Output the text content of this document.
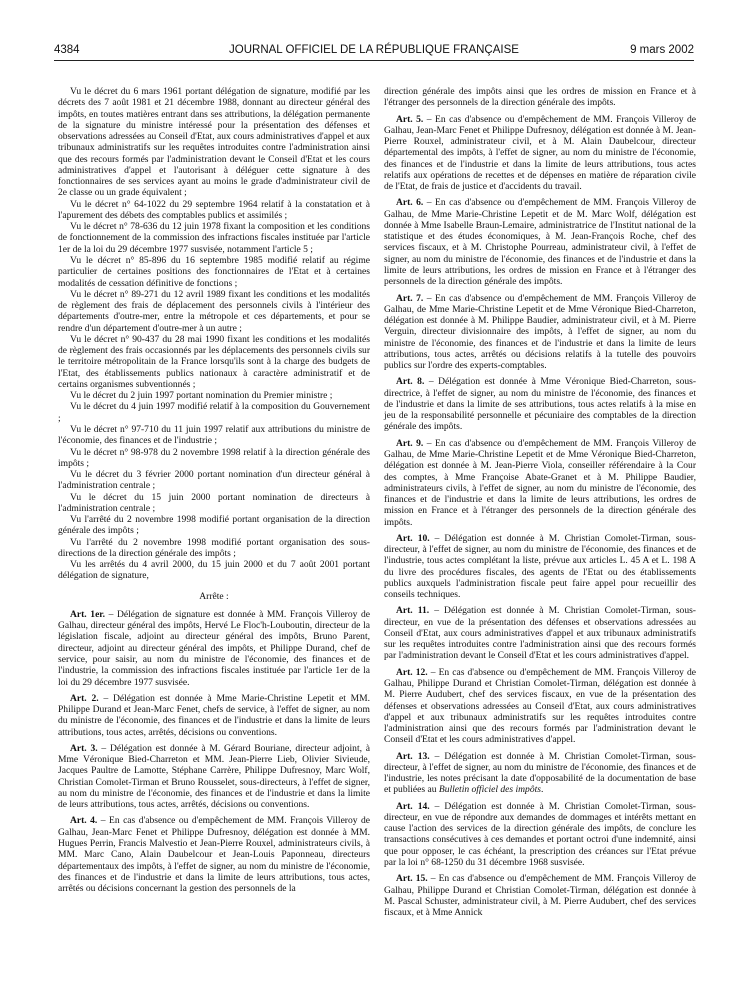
4384	JOURNAL OFFICIEL DE LA RÉPUBLIQUE FRANÇAISE	9 mars 2002

Vu le décret du 6 mars 1961 portant délégation de signature, modifié par les décrets des 7 août 1981 et 21 décembre 1988, donnant au directeur général des impôts, en toutes matières entrant dans ses attributions, la délégation permanente de la signature du ministre intéressé pour la présentation des défenses et observations adressées au Conseil d'Etat, aux cours administratives d'appel et aux tribunaux administratifs sur les requêtes introduites contre l'administration ainsi que des recours formés par l'administration devant le Conseil d'Etat et les cours administratives d'appel et l'autorisant à déléguer cette signature à des fonctionnaires de ses services ayant au moins le grade d'administrateur civil de 2e classe ou un grade équivalent ;

Vu le décret n° 64-1022 du 29 septembre 1964 relatif à la constatation et à l'apurement des débets des comptables publics et assimilés ;

Vu le décret n° 78-636 du 12 juin 1978 fixant la composition et les conditions de fonctionnement de la commission des infractions fiscales instituée par l'article 1er de la loi du 29 décembre 1977 susvisée, notamment l'article 5 ;

Vu le décret n° 85-896 du 16 septembre 1985 modifié relatif au régime particulier de certaines positions des fonctionnaires de l'Etat et à certaines modalités de cessation définitive de fonctions ;

Vu le décret n° 89-271 du 12 avril 1989 fixant les conditions et les modalités de règlement des frais de déplacement des personnels civils à l'intérieur des départements d'outre-mer, entre la métropole et ces départements, et pour se rendre d'un département d'outre-mer à un autre ;

Vu le décret n° 90-437 du 28 mai 1990 fixant les conditions et les modalités de règlement des frais occasionnés par les déplacements des personnels civils sur le territoire métropolitain de la France lorsqu'ils sont à la charge des budgets de l'Etat, des établissements publics nationaux à caractère administratif et de certains organismes subventionnés ;

Vu le décret du 2 juin 1997 portant nomination du Premier ministre ;

Vu le décret du 4 juin 1997 modifié relatif à la composition du Gouvernement ;

Vu le décret n° 97-710 du 11 juin 1997 relatif aux attributions du ministre de l'économie, des finances et de l'industrie ;

Vu le décret n° 98-978 du 2 novembre 1998 relatif à la direction générale des impôts ;

Vu le décret du 3 février 2000 portant nomination d'un directeur général à l'administration centrale ;

Vu le décret du 15 juin 2000 portant nomination de directeurs à l'administration centrale ;

Vu l'arrêté du 2 novembre 1998 modifié portant organisation de la direction générale des impôts ;

Vu l'arrêté du 2 novembre 1998 modifié portant organisation des sous-directions de la direction générale des impôts ;

Vu les arrêtés du 4 avril 2000, du 15 juin 2000 et du 7 août 2001 portant délégation de signature,

Arrête :

Art. 1er. – Délégation de signature est donnée à MM. François Villeroy de Galhau, directeur général des impôts, Hervé Le Floc'h-Louboutin, directeur de la législation fiscale, adjoint au directeur général des impôts, Bruno Parent, directeur, adjoint au directeur général des impôts, et Philippe Durand, chef de service, pour saisir, au nom du ministre de l'économie, des finances et de l'industrie, la commission des infractions fiscales instituée par l'article 1er de la loi du 29 décembre 1977 susvisée.

Art. 2. – Délégation est donnée à Mme Marie-Christine Lepetit et MM. Philippe Durand et Jean-Marc Fenet, chefs de service, à l'effet de signer, au nom du ministre de l'économie, des finances et de l'industrie et dans la limite de leurs attributions, tous actes, arrêtés, décisions ou conventions.

Art. 3. – Délégation est donnée à M. Gérard Bouriane, directeur adjoint, à Mme Véronique Bied-Charreton et MM. Jean-Pierre Lieb, Olivier Sivieude, Jacques Paultre de Lamotte, Stéphane Carrère, Philippe Dufresnoy, Marc Wolf, Christian Comolet-Tirman et Bruno Rousselet, sous-directeurs, à l'effet de signer, au nom du ministre de l'économie, des finances et de l'industrie et dans la limite de leurs attributions, tous actes, arrêtés, décisions ou conventions.

Art. 4. – En cas d'absence ou d'empêchement de MM. François Villeroy de Galhau, Jean-Marc Fenet et Philippe Dufresnoy, délégation est donnée à MM. Hugues Perrin, Francis Malvestio et Jean-Pierre Rouxel, administrateurs civils, à MM. Marc Cano, Alain Daubelcour et Jean-Louis Paponneau, directeurs départementaux des impôts, à l'effet de signer, au nom du ministre de l'économie, des finances et de l'industrie et dans la limite de leurs attributions, tous actes, arrêtés ou décisions concernant la gestion des personnels de la

direction générale des impôts ainsi que les ordres de mission en France et à l'étranger des personnels de la direction générale des impôts.

Art. 5. – En cas d'absence ou d'empêchement de MM. François Villeroy de Galhau, Jean-Marc Fenet et Philippe Dufresnoy, délégation est donnée à M. Jean-Pierre Rouxel, administrateur civil, et à M. Alain Daubelcour, directeur départemental des impôts, à l'effet de signer, au nom du ministre de l'économie, des finances et de l'industrie et dans la limite de leurs attributions, tous actes relatifs aux opérations de recettes et de dépenses en matière de réparation civile de l'Etat, de frais de justice et d'accidents du travail.

Art. 6. – En cas d'absence ou d'empêchement de MM. François Villeroy de Galhau, de Mme Marie-Christine Lepetit et de M. Marc Wolf, délégation est donnée à Mme Isabelle Braun-Lemaire, administratrice de l'Institut national de la statistique et des études économiques, à M. Jean-François Roche, chef des services fiscaux, et à M. Christophe Pourreau, administrateur civil, à l'effet de signer, au nom du ministre de l'économie, des finances et de l'industrie et dans la limite de leurs attributions, les ordres de mission en France et à l'étranger des personnels de la direction générale des impôts.

Art. 7. – En cas d'absence ou d'empêchement de MM. François Villeroy de Galhau, de Mme Marie-Christine Lepetit et de Mme Véronique Bied-Charreton, délégation est donnée à M. Philippe Baudier, administrateur civil, et à M. Pierre Verguin, directeur divisionnaire des impôts, à l'effet de signer, au nom du ministre de l'économie, des finances et de l'industrie et dans la limite de leurs attributions, tous actes, arrêtés ou décisions relatifs à la tutelle des pouvoirs publics sur l'ordre des experts-comptables.

Art. 8. – Délégation est donnée à Mme Véronique Bied-Charreton, sous-directrice, à l'effet de signer, au nom du ministre de l'économie, des finances et de l'industrie et dans la limite de ses attributions, tous actes relatifs à la mise en jeu de la responsabilité personnelle et pécuniaire des comptables de la direction générale des impôts.

Art. 9. – En cas d'absence ou d'empêchement de MM. François Villeroy de Galhau, de Mme Marie-Christine Lepetit et de Mme Véronique Bied-Charreton, délégation est donnée à M. Jean-Pierre Viola, conseiller référendaire à la Cour des comptes, à Mme Françoise Abate-Granet et à M. Philippe Baudier, administrateurs civils, à l'effet de signer, au nom du ministre de l'économie, des finances et de l'industrie et dans la limite de leurs attributions, les ordres de mission en France et à l'étranger des personnels de la direction générale des impôts.

Art. 10. – Délégation est donnée à M. Christian Comolet-Tirman, sous-directeur, à l'effet de signer, au nom du ministre de l'économie, des finances et de l'industrie, tous actes complétant la liste, prévue aux articles L. 45 A et L. 198 A du livre des procédures fiscales, des agents de l'Etat ou des établissements publics auxquels l'administration fiscale peut faire appel pour recueillir des conseils techniques.

Art. 11. – Délégation est donnée à M. Christian Comolet-Tirman, sous-directeur, en vue de la présentation des défenses et observations adressées au Conseil d'Etat, aux cours administratives d'appel et aux tribunaux administratifs sur les requêtes introduites contre l'administration ainsi que des recours formés par l'administration devant le Conseil d'Etat et les cours administratives d'appel.

Art. 12. – En cas d'absence ou d'empêchement de MM. François Villeroy de Galhau, Philippe Durand et Christian Comolet-Tirman, délégation est donnée à M. Pierre Audubert, chef des services fiscaux, en vue de la présentation des défenses et observations adressées au Conseil d'Etat, aux cours administratives d'appel et aux tribunaux administratifs sur les requêtes introduites contre l'administration ainsi que des recours formés par l'administration devant le Conseil d'Etat et les cours administratives d'appel.

Art. 13. – Délégation est donnée à M. Christian Comolet-Tirman, sous-directeur, à l'effet de signer, au nom du ministre de l'économie, des finances et de l'industrie, les notes précisant la date d'opposabilité de la documentation de base et publiées au Bulletin officiel des impôts.

Art. 14. – Délégation est donnée à M. Christian Comolet-Tirman, sous-directeur, en vue de répondre aux demandes de dommages et intérêts mettant en cause l'action des services de la direction générale des impôts, de conclure les transactions consécutives à ces demandes et portant octroi d'une indemnité, ainsi que pour opposer, le cas échéant, la prescription des créances sur l'Etat prévue par la loi n° 68-1250 du 31 décembre 1968 susvisée.

Art. 15. – En cas d'absence ou d'empêchement de MM. François Villeroy de Galhau, Philippe Durand et Christian Comolet-Tirman, délégation est donnée à M. Pascal Schuster, administrateur civil, à M. Pierre Audubert, chef des services fiscaux, et à Mme Annick
